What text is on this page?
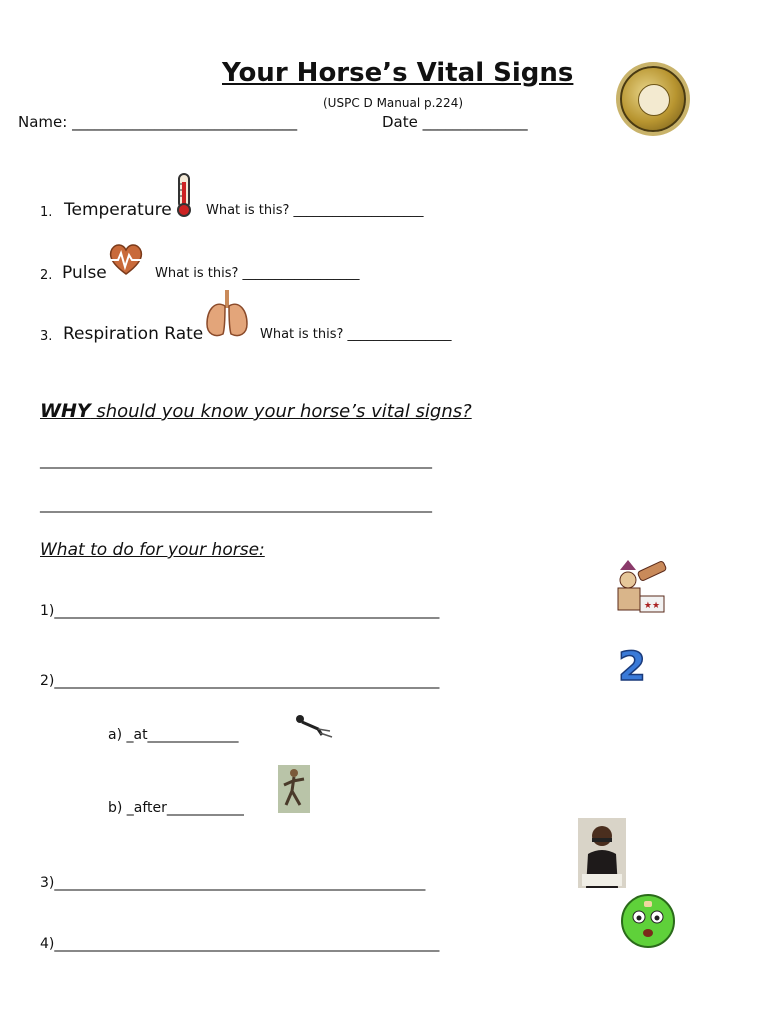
Your Horse’s Vital Signs
(USPC D Manual p.224)
Name: ______________________________	Date ______________
1. Temperature	What is this? ____________________
2. Pulse	What is this? __________________
3. Respiration Rate	What is this? ________________
WHY should you know your horse’s vital signs?
________________________________________________________
________________________________________________________
What to do for your horse:
1)_______________________________________________________	★★
2)_______________________________________________________	2
a) _at_____________
b) _after___________
3)_____________________________________________________
4)_______________________________________________________
